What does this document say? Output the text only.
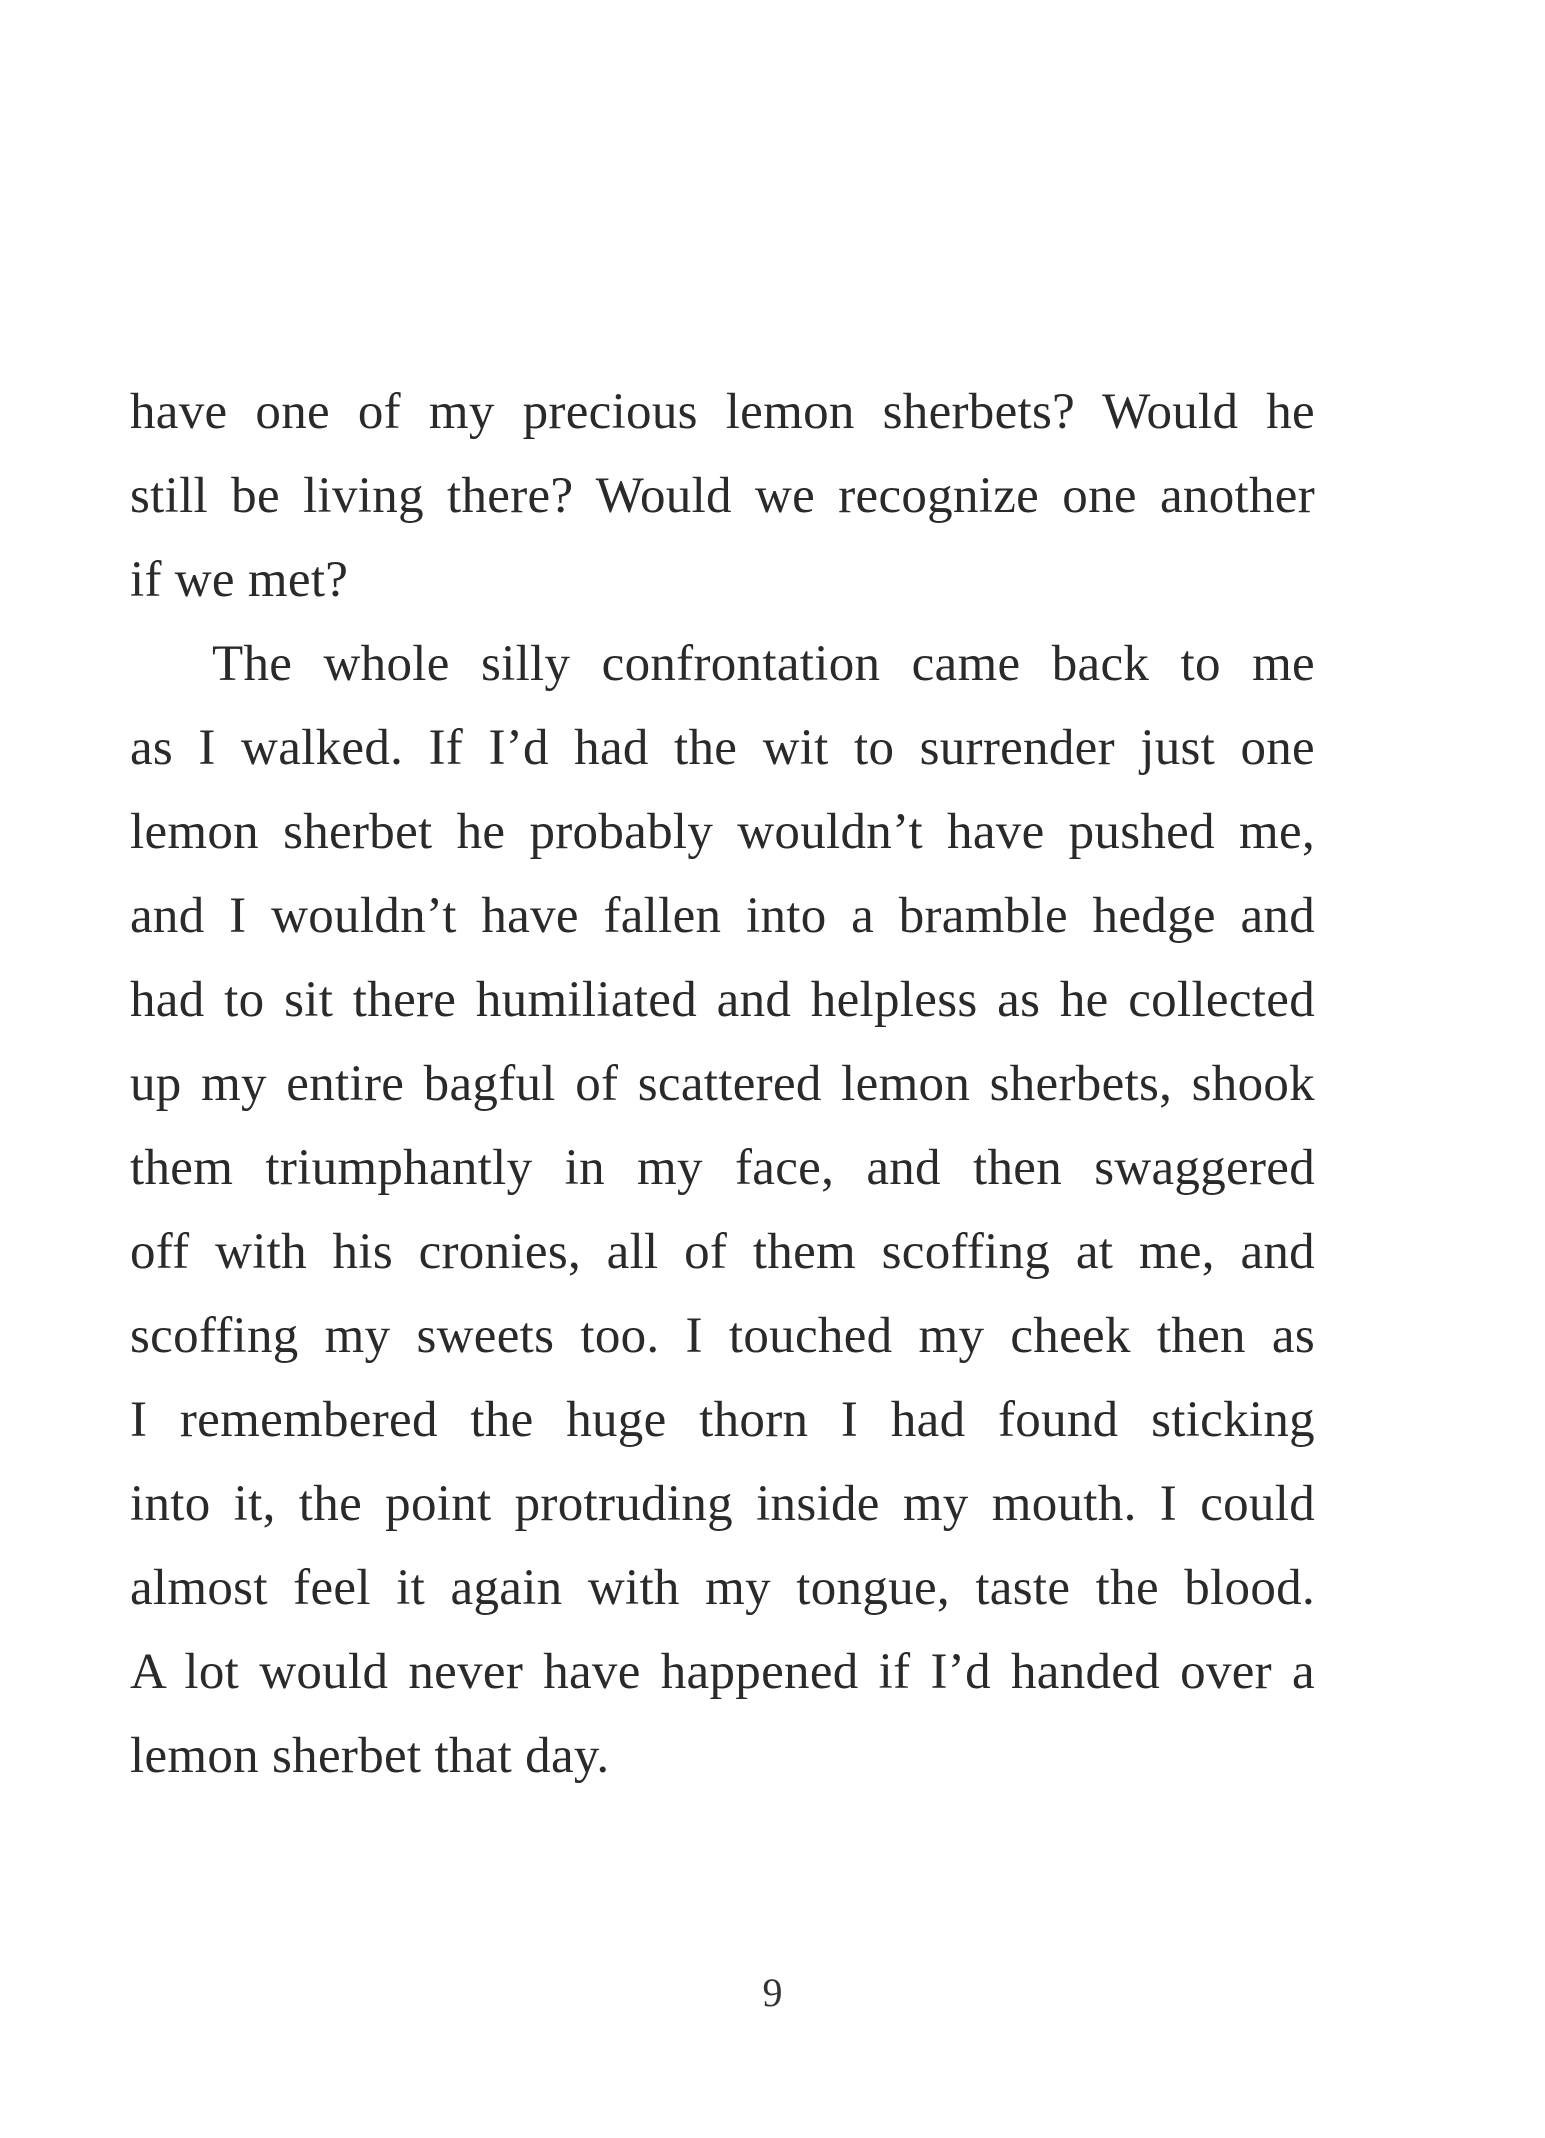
have one of my precious lemon sherbets? Would he
still be living there? Would we recognize one another
if we met?
The whole silly confrontation came back to me
as I walked. If I’d had the wit to surrender just one
lemon sherbet he probably wouldn’t have pushed me,
and I wouldn’t have fallen into a bramble hedge and
had to sit there humiliated and helpless as he collected
up my entire bagful of scattered lemon sherbets, shook
them triumphantly in my face, and then swaggered
off with his cronies, all of them scoffing at me, and
scoffing my sweets too. I touched my cheek then as
I remembered the huge thorn I had found sticking
into it, the point protruding inside my mouth. I could
almost feel it again with my tongue, taste the blood.
A lot would never have happened if I’d handed over a
lemon sherbet that day.
9
